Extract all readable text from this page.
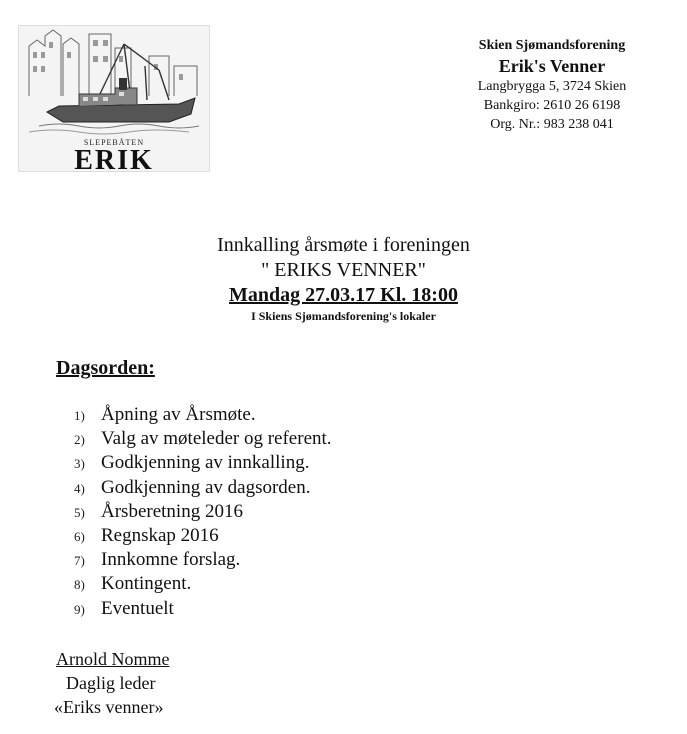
SLEPEBÅTEN
ERIK
Skien Sjømandsforening
Erik's Venner
Langbrygga 5, 3724 Skien
Bankgiro: 2610 26 6198
Org. Nr.: 983 238 041
Innkalling årsmøte i foreningen
" ERIKS VENNER"
Mandag 27.03.17 Kl. 18:00
I Skiens Sjømandsforening's lokaler
Dagsorden:
1) Åpning av Årsmøte.
2) Valg av møteleder og referent.
3) Godkjenning av innkalling.
4) Godkjenning av dagsorden.
5) Årsberetning 2016
6) Regnskap 2016
7) Innkomne forslag.
8) Kontingent.
9) Eventuelt
Arnold Nomme
Daglig leder
«Eriks venner»
